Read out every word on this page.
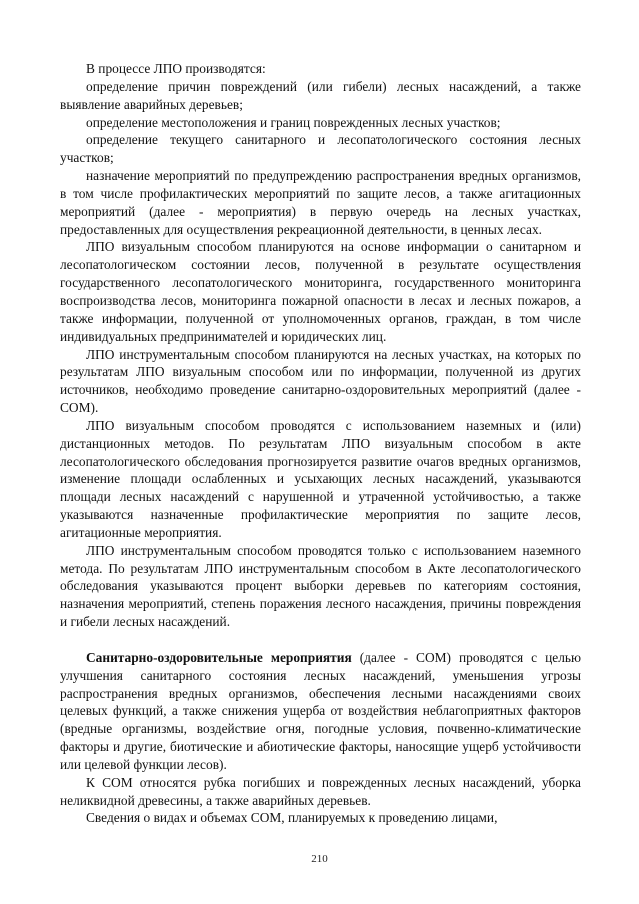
В процессе ЛПО производятся:

определение причин повреждений (или гибели) лесных насаждений, а также выявление аварийных деревьев;

определение местоположения и границ поврежденных лесных участков;

определение текущего санитарного и лесопатологического состояния лесных участков;

назначение мероприятий по предупреждению распространения вредных организмов, в том числе профилактических мероприятий по защите лесов, а также агитационных мероприятий (далее - мероприятия) в первую очередь на лесных участках, предоставленных для осуществления рекреационной деятельности, в ценных лесах.

ЛПО визуальным способом планируются на основе информации о санитарном и лесопатологическом состоянии лесов, полученной в результате осуществления государственного лесопатологического мониторинга, государственного мониторинга воспроизводства лесов, мониторинга пожарной опасности в лесах и лесных пожаров, а также информации, полученной от уполномоченных органов, граждан, в том числе индивидуальных предпринимателей и юридических лиц.

ЛПО инструментальным способом планируются на лесных участках, на которых по результатам ЛПО визуальным способом или по информации, полученной из других источников, необходимо проведение санитарно-оздоровительных мероприятий (далее - СОМ).

ЛПО визуальным способом проводятся с использованием наземных и (или) дистанционных методов. По результатам ЛПО визуальным способом в акте лесопатологического обследования прогнозируется развитие очагов вредных организмов, изменение площади ослабленных и усыхающих лесных насаждений, указываются площади лесных насаждений с нарушенной и утраченной устойчивостью, а также указываются назначенные профилактические мероприятия по защите лесов, агитационные мероприятия.

ЛПО инструментальным способом проводятся только с использованием наземного метода. По результатам ЛПО инструментальным способом в Акте лесопатологического обследования указываются процент выборки деревьев по категориям состояния, назначения мероприятий, степень поражения лесного насаждения, причины повреждения и гибели лесных насаждений.

Санитарно-оздоровительные мероприятия (далее - СОМ) проводятся с целью улучшения санитарного состояния лесных насаждений, уменьшения угрозы распространения вредных организмов, обеспечения лесными насаждениями своих целевых функций, а также снижения ущерба от воздействия неблагоприятных факторов (вредные организмы, воздействие огня, погодные условия, почвенно-климатические факторы и другие, биотические и абиотические факторы, наносящие ущерб устойчивости или целевой функции лесов).

К СОМ относятся рубка погибших и поврежденных лесных насаждений, уборка неликвидной древесины, а также аварийных деревьев.

Сведения о видах и объемах СОМ, планируемых к проведению лицами,

210
